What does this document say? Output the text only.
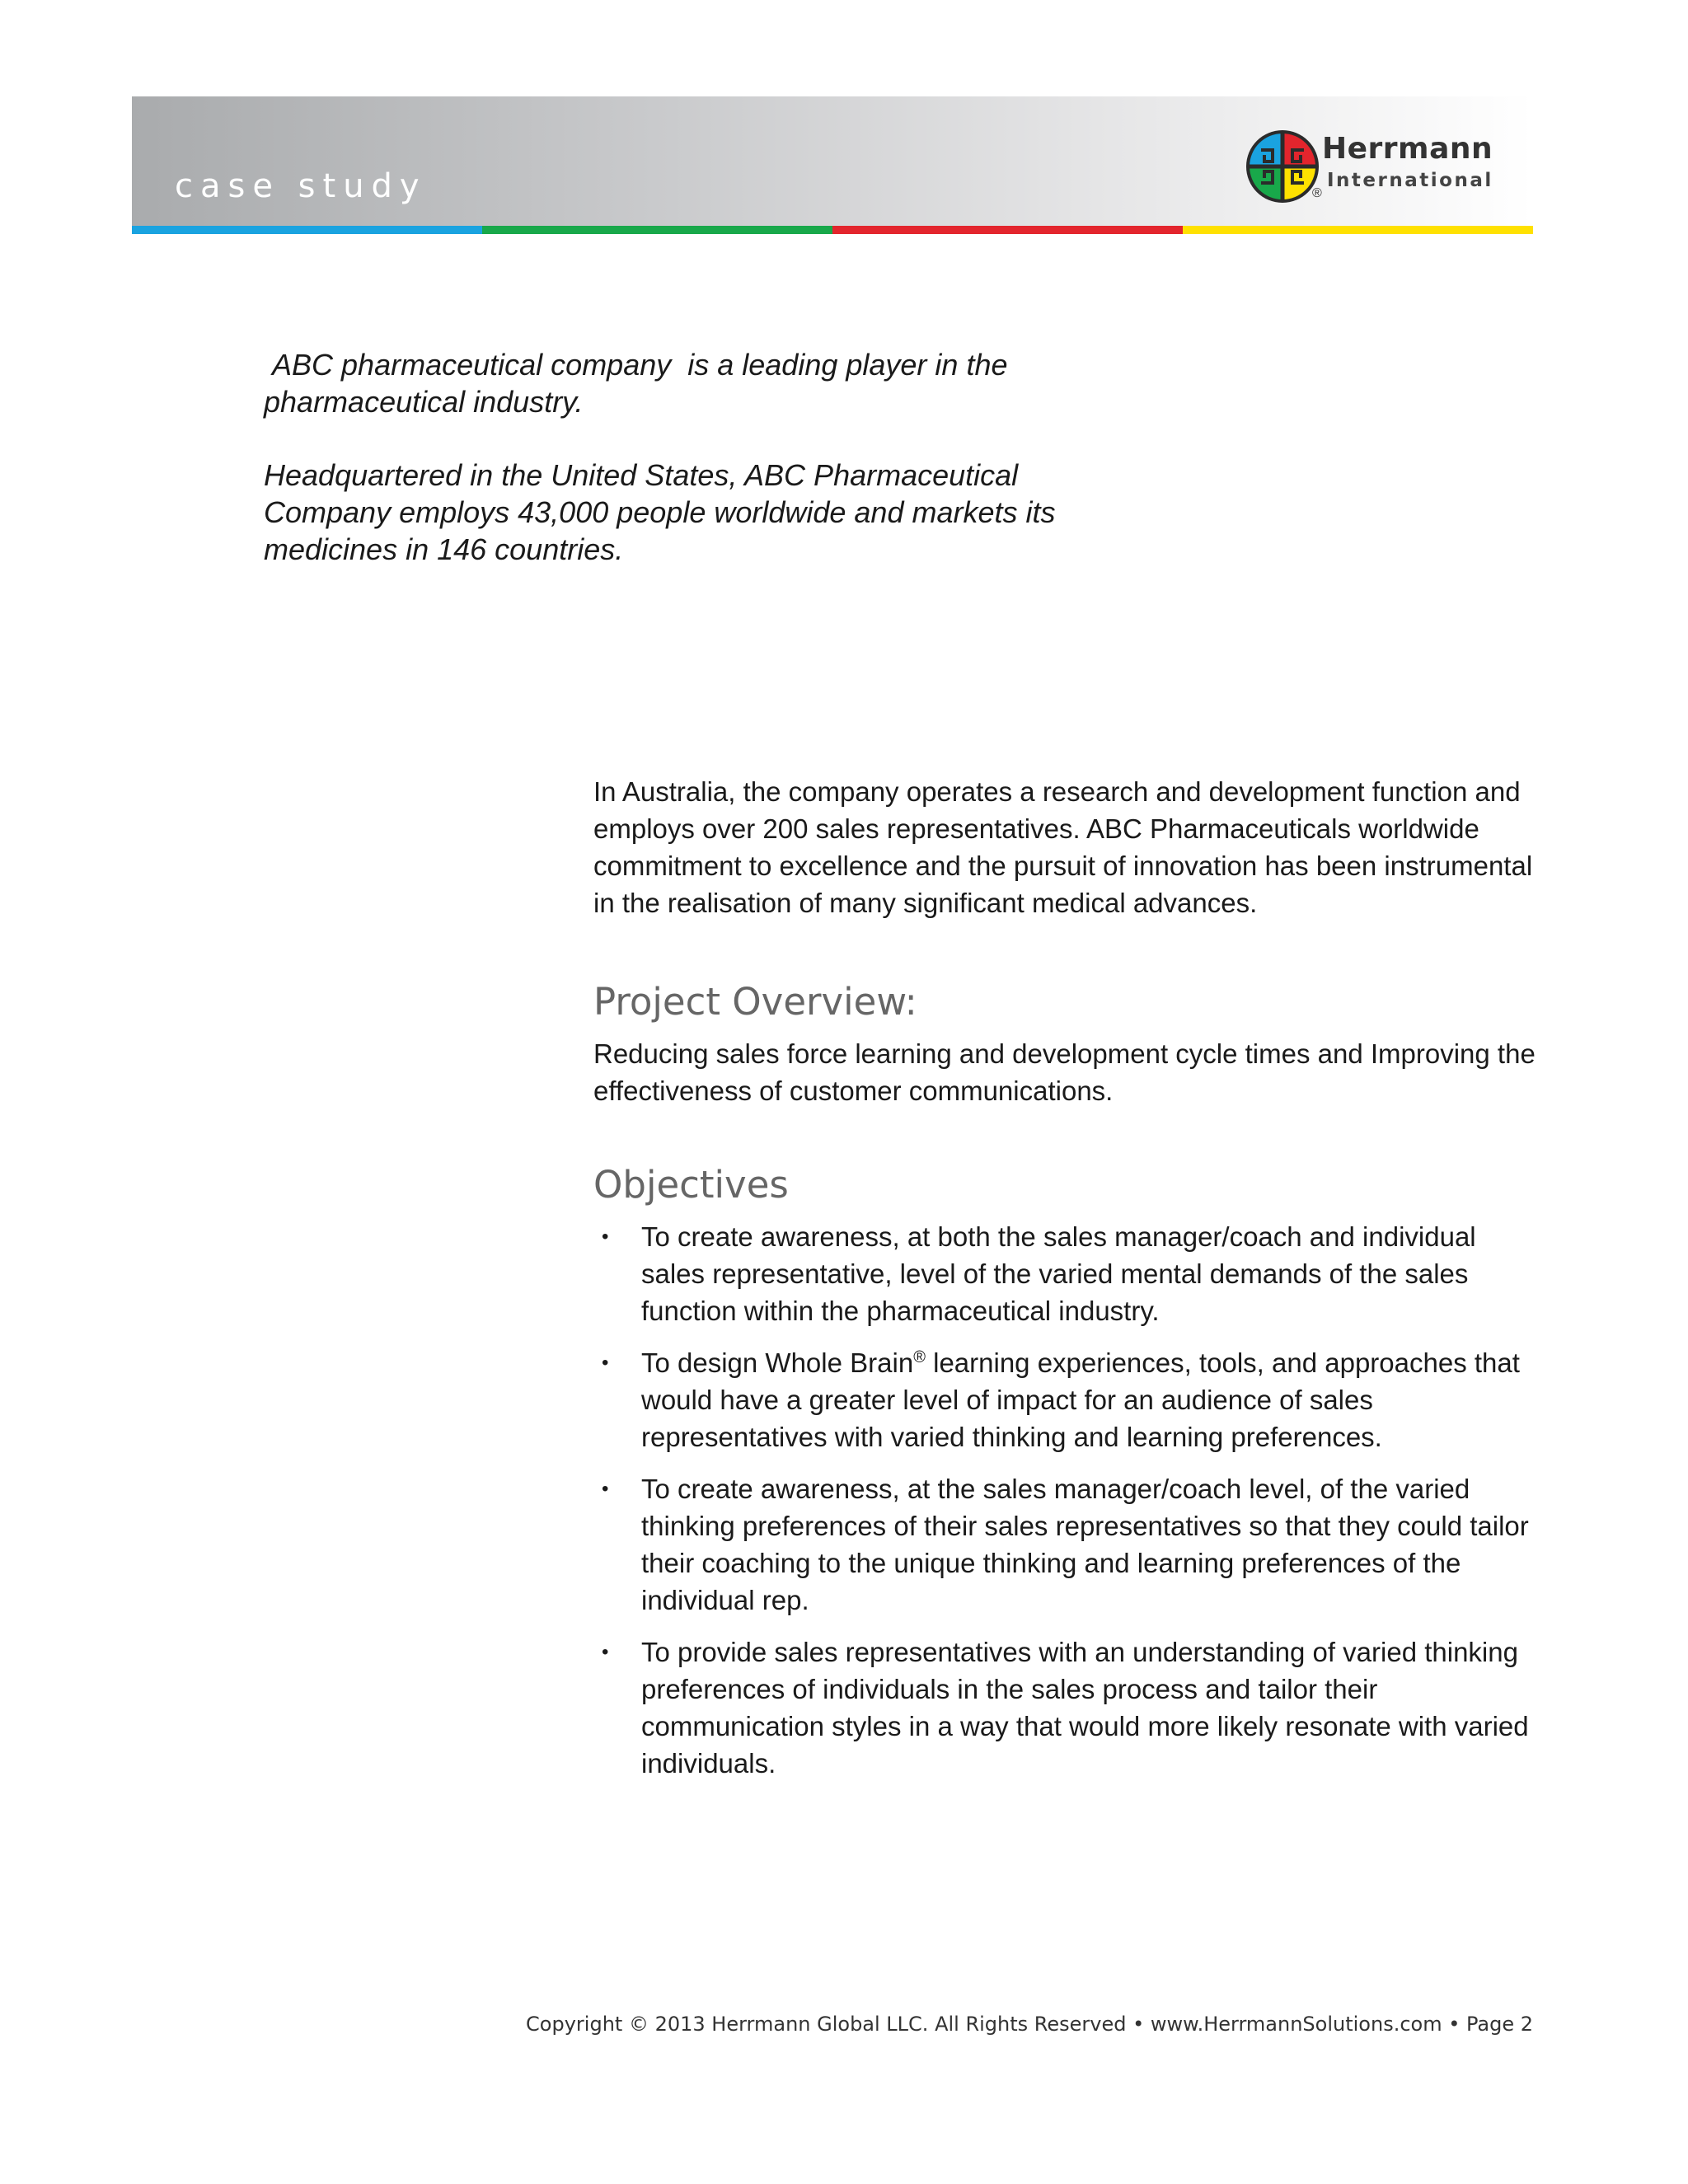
case study
Herrmann
International
®

ABC pharmaceutical company  is a leading player in the pharmaceutical industry.

Headquartered in the United States, ABC Pharmaceutical Company employs 43,000 people worldwide and markets its medicines in 146 countries.

In Australia, the company operates a research and development function and employs over 200 sales representatives. ABC Pharmaceuticals worldwide commitment to excellence and the pursuit of innovation has been instrumental in the realisation of many significant medical advances.

Project Overview:

Reducing sales force learning and development cycle times and Improving the effectiveness of customer communications.

Objectives
• To create awareness, at both the sales manager/coach and individual sales representative, level of the varied mental demands of the sales function within the pharmaceutical industry.
• To design Whole Brain® learning experiences, tools, and approaches that would have a greater level of impact for an audience of sales representatives with varied thinking and learning preferences.
• To create awareness, at the sales manager/coach level, of the varied thinking preferences of their sales representatives so that they could tailor their coaching to the unique thinking and learning preferences of the individual rep.
• To provide sales representatives with an understanding of varied thinking preferences of individuals in the sales process and tailor their communication styles in a way that would more likely resonate with varied individuals.
Copyright © 2013 Herrmann Global LLC. All Rights Reserved • www.HerrmannSolutions.com • Page 2
